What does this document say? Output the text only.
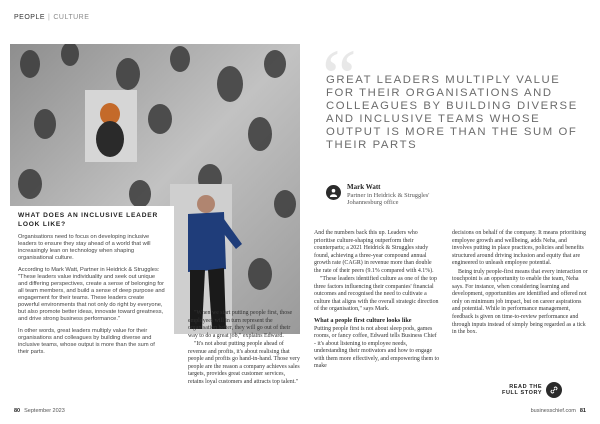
PEOPLE | CULTURE
“
GREAT LEADERS MULTIPLY VALUE FOR THEIR ORGANISATIONS AND COLLEAGUES BY BUILDING DIVERSE AND INCLUSIVE TEAMS WHOSE OUTPUT IS MORE THAN THE SUM OF THEIR PARTS
Mark Watt
Partner in Heidrick & Struggles'
Johannesburg office
WHAT DOES AN INCLUSIVE LEADER LOOK LIKE?

Organisations need to focus on developing inclusive leaders to ensure they stay ahead of a world that will increasingly lean on technology when shaping organisational culture.

According to Mark Watt, Partner in Heidrick & Struggles: "These leaders value individuality and seek out unique and differing perspectives, create a sense of belonging for all team members, and build a sense of deep purpose and engagement for their teams. These leaders create powerful environments that not only do right by everyone, but also promote better ideas, innovate toward greatness, and drive strong business performance."

In other words, great leaders multiply value for their organisations and colleagues by building diverse and inclusive teams, whose output is more than the sum of their parts.

"When we start putting people first, those employees will in turn represent the organisation better, they will go out of their way to do a great job," explains Edward.

"It's not about putting people ahead of revenue and profits, it's about realising that people and profits go hand-in-hand. Those very people are the reason a company achieves sales targets, provides great customer services, retains loyal customers and attracts top talent."

And the numbers back this up. Leaders who prioritise culture-shaping outperform their counterparts; a 2021 Heidrick & Struggles study found, achieving a three-year compound annual growth rate (CAGR) in revenue more than double the rate of their peers (9.1% compared with 4.1%).

"These leaders identified culture as one of the top three factors influencing their companies' financial outcomes and recognised the need to cultivate a culture that aligns with the overall strategic direction of the organisation," says Mark.

What a people first culture looks like

Putting people first is not about sleep pods, games rooms, or fancy coffee, Edward tells Business Chief - it's about listening to employee needs, understanding their motivators and how to engage with them more effectively, and empowering them to make

decisions on behalf of the company. It means prioritising employee growth and wellbeing, adds Neha, and involves putting in place practices, policies and benefits structured around driving inclusion and equity that are engineered to unleash employee potential.

Being truly people-first means that every interaction or touchpoint is an opportunity to enable the team, Neha says. For instance, when considering learning and development, opportunities are identified and offered not only on minimum job impact, but on career aspirations and potential. While in performance management, feedback is given on time-to-review performance and through inputs instead of simply being regarded as a tick in the box.

READ THE
FULL STORY
80 September 2023	businesschief.com 81
